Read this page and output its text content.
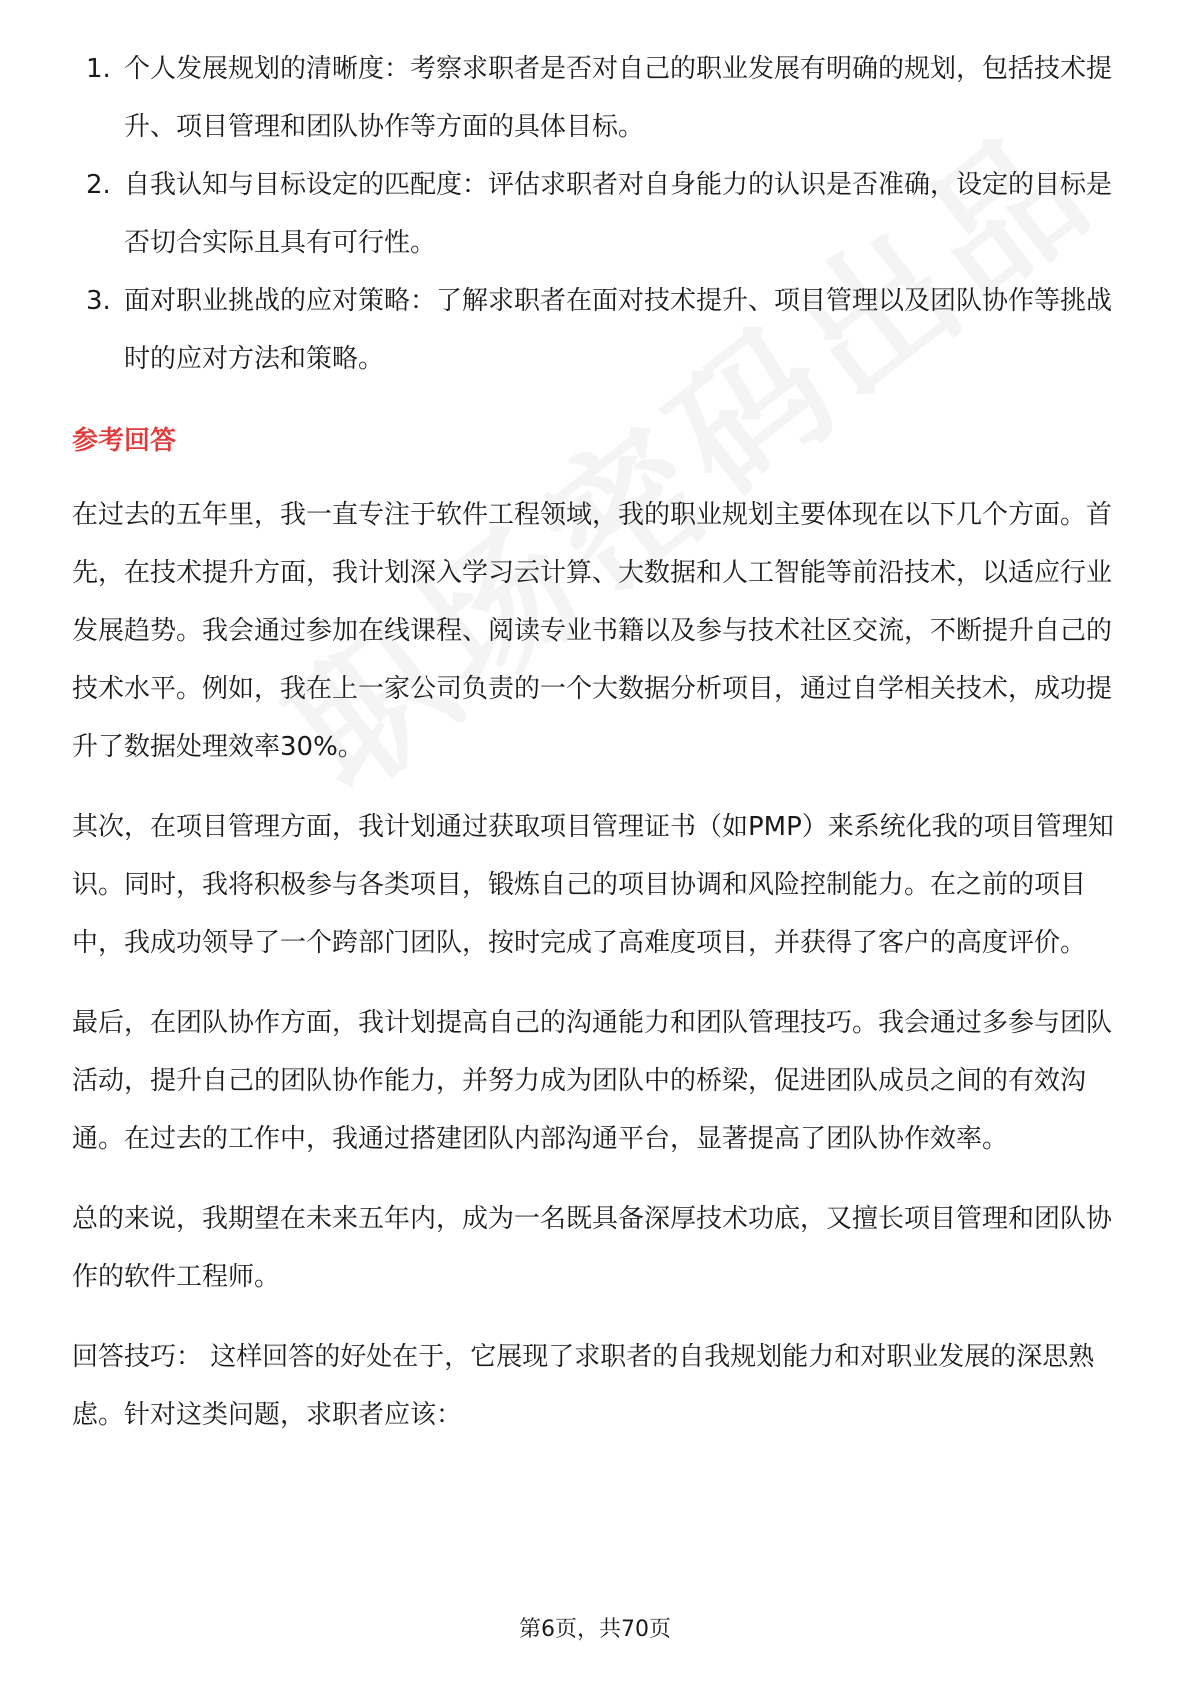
1. 个人发展规划的清晰度：考察求职者是否对自己的职业发展有明确的规划，包括技术提升、项目管理和团队协作等方面的具体目标。
2. 自我认知与目标设定的匹配度：评估求职者对自身能力的认识是否准确，设定的目标是否切合实际且具有可行性。
3. 面对职业挑战的应对策略：了解求职者在面对技术提升、项目管理以及团队协作等挑战时的应对方法和策略。
参考回答

在过去的五年里，我一直专注于软件工程领域，我的职业规划主要体现在以下几个方面。首先，在技术提升方面，我计划深入学习云计算、大数据和人工智能等前沿技术，以适应行业发展趋势。我会通过参加在线课程、阅读专业书籍以及参与技术社区交流，不断提升自己的技术水平。例如，我在上一家公司负责的一个大数据分析项目，通过自学相关技术，成功提升了数据处理效率30%。

其次，在项目管理方面，我计划通过获取项目管理证书（如PMP）来系统化我的项目管理知识。同时，我将积极参与各类项目，锻炼自己的项目协调和风险控制能力。在之前的项目中，我成功领导了一个跨部门团队，按时完成了高难度项目，并获得了客户的高度评价。

最后，在团队协作方面，我计划提高自己的沟通能力和团队管理技巧。我会通过多参与团队活动，提升自己的团队协作能力，并努力成为团队中的桥梁，促进团队成员之间的有效沟通。在过去的工作中，我通过搭建团队内部沟通平台，显著提高了团队协作效率。

总的来说，我期望在未来五年内，成为一名既具备深厚技术功底，又擅长项目管理和团队协作的软件工程师。

回答技巧： 这样回答的好处在于，它展现了求职者的自我规划能力和对职业发展的深思熟虑。针对这类问题，求职者应该：

第6页，共70页
